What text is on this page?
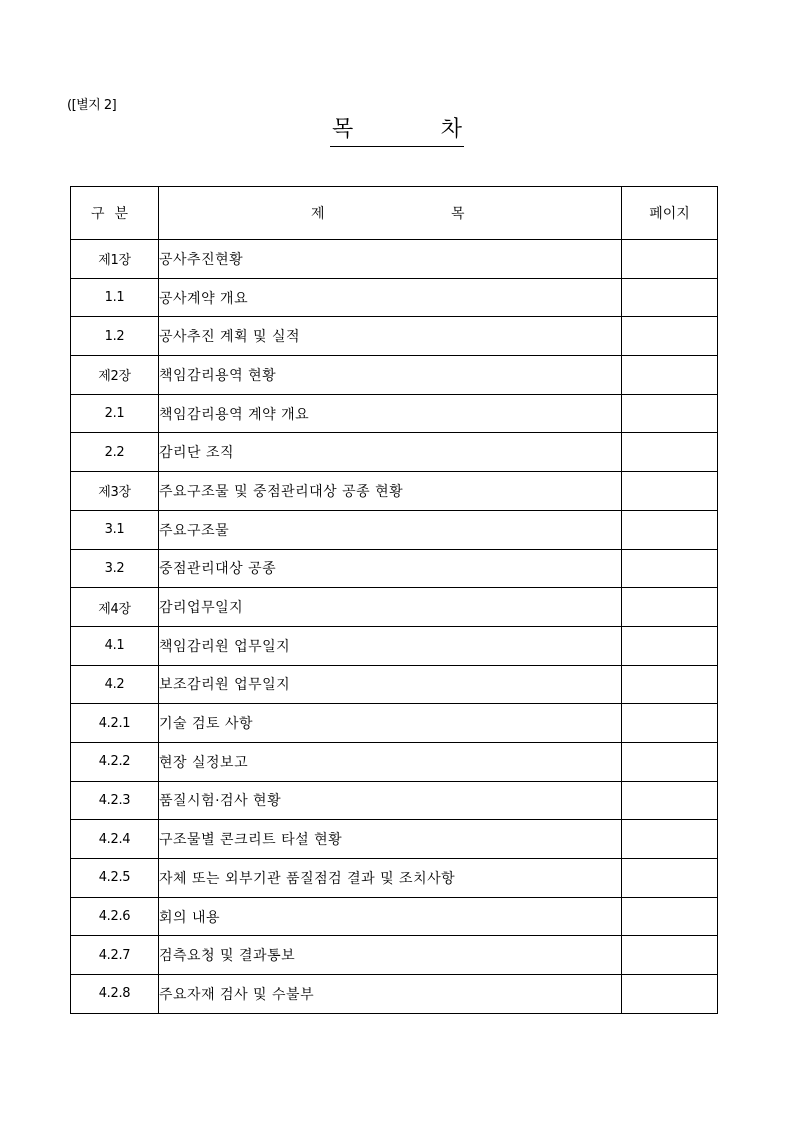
([별지 2]
목	차
구분	제 목	페이지
제1장	공사추진현황	
1.1	공사계약 개요	
1.2	공사추진 계획 및 실적	
제2장	책임감리용역 현황	
2.1	책임감리용역 계약 개요	
2.2	감리단 조직	
제3장	주요구조물 및 중점관리대상 공종 현황	
3.1	주요구조물	
3.2	중점관리대상 공종	
제4장	감리업무일지	
4.1	책임감리원 업무일지	
4.2	보조감리원 업무일지	
4.2.1	기술 검토 사항	
4.2.2	현장 실정보고	
4.2.3	품질시험·검사 현황	
4.2.4	구조물별 콘크리트 타설 현황	
4.2.5	자체 또는 외부기관 품질점검 결과 및 조치사항	
4.2.6	회의 내용	
4.2.7	검측요청 및 결과통보	
4.2.8	주요자재 검사 및 수불부	
